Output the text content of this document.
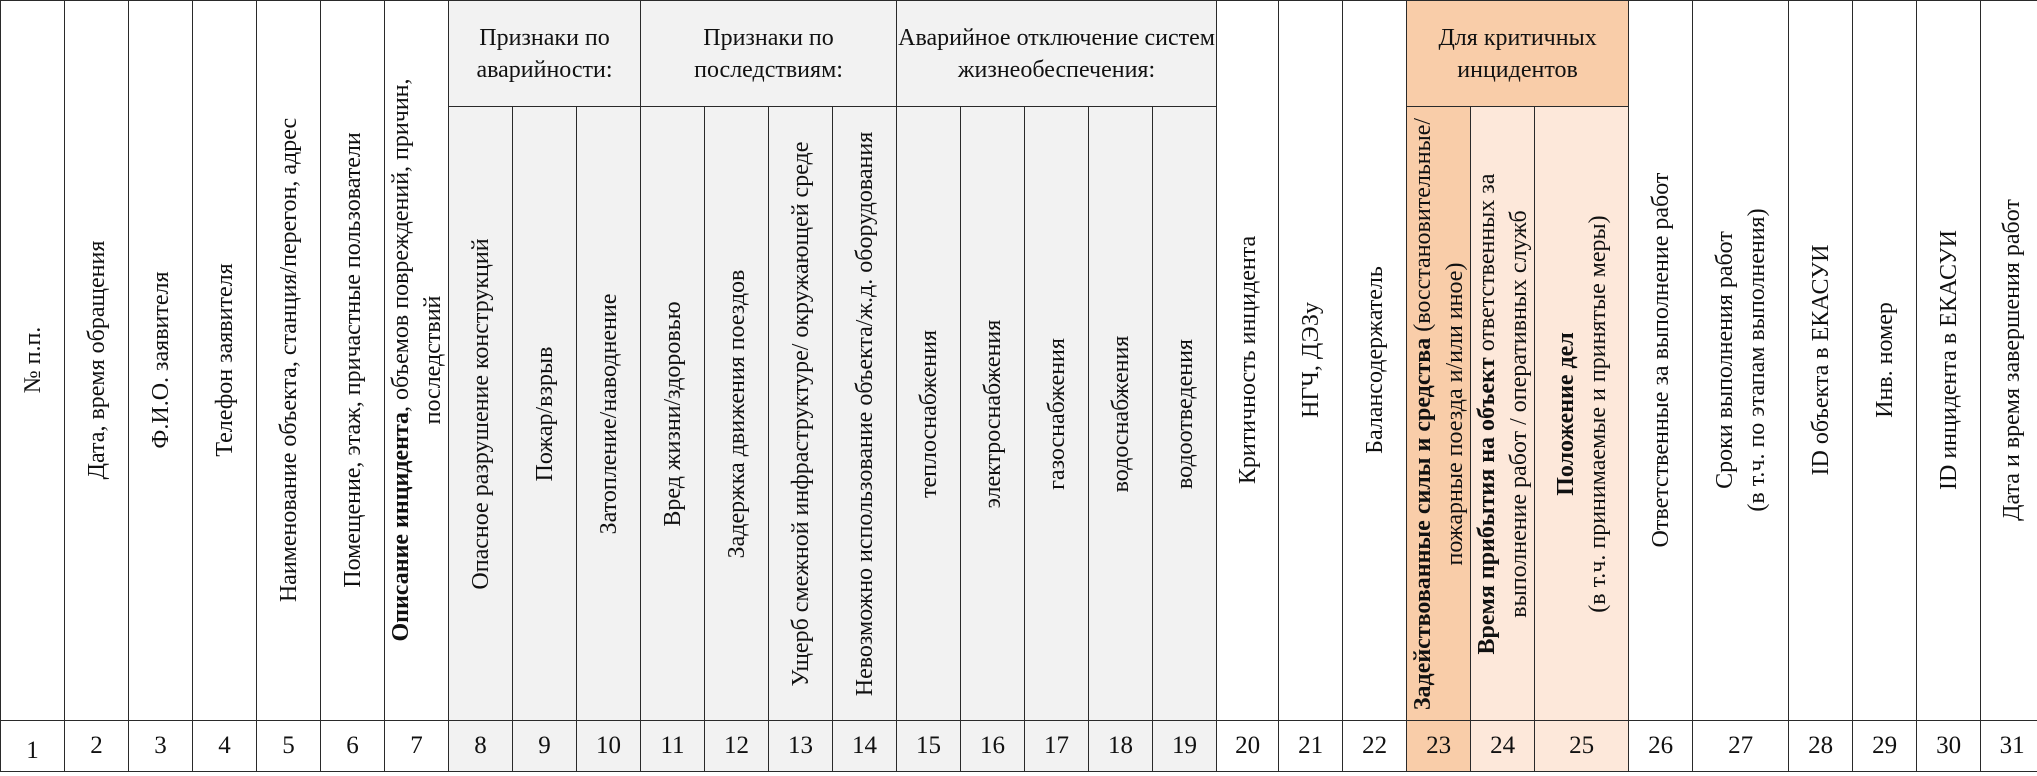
№ п.п.	Дата, время обращения	Ф.И.О. заявителя	Телефон заявителя	Наименование объекта, станция/перегон, адрес	Помещение, этаж, причастные пользователи	Описание инцидента, объемов повреждений, причин, последствий	Признаки по аварийности:			Признаки по последствиям:				Аварийное отключение систем жизнеобеспечения:					Критичность инцидента	НГЧ, ДЭЗу	Балансодержатель	Для критичных инцидентов			Ответственные за выполнение работ	Сроки выполнения работ (в т.ч. по этапам выполнения)	ID объекта в ЕКАСУИ	Инв. номер	ID инцидента в ЕКАСУИ	Дата и время завершения работ

							Опасное разрушение конструкций	Пожар/взрыв	Затопление/наводнение	Вред жизни/здоровью	Задержка движения поездов	Ущерб смежной инфраструктуре/ окружающей среде	Невозможно использование объекта/ж.д. оборудования	теплоснабжения	электроснабжения	газоснабжения	водоснабжения	водоотведения				Задействованные силы и средства (восстановительные/пожарные поезда и/или иное)	Время прибытия на объект ответственных за выполнение работ / оперативных служб	Положение дел (в т.ч. принимаемые и принятые меры)						

1	2	3	4	5	6	7	8	9	10	11	12	13	14	15	16	17	18	19	20	21	22	23	24	25	26	27	28	29	30	31
